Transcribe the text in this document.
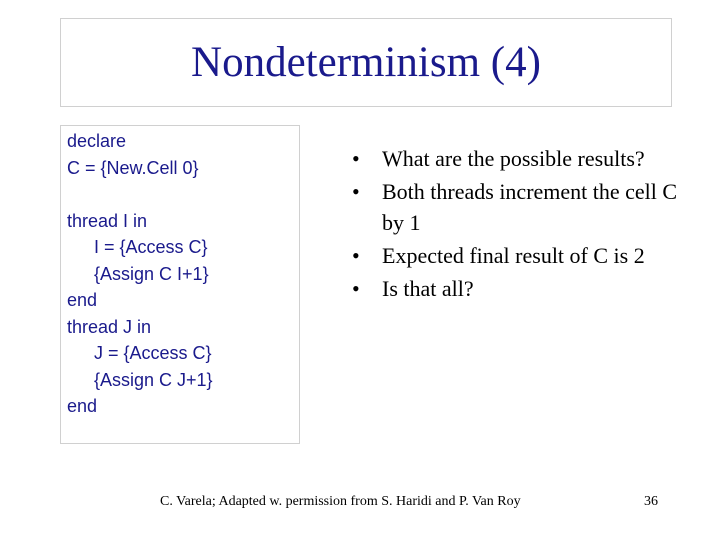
Nondeterminism (4)
declare
C = {New.Cell 0}
thread I in
I = {Access C}
{Assign C I+1}
end
thread J in
J = {Access C}
{Assign C J+1}
end
• What are the possible results?
• Both threads increment the cell C by 1
• Expected final result of C is 2
• Is that all?
C. Varela; Adapted w. permission from S. Haridi and P. Van Roy	36
